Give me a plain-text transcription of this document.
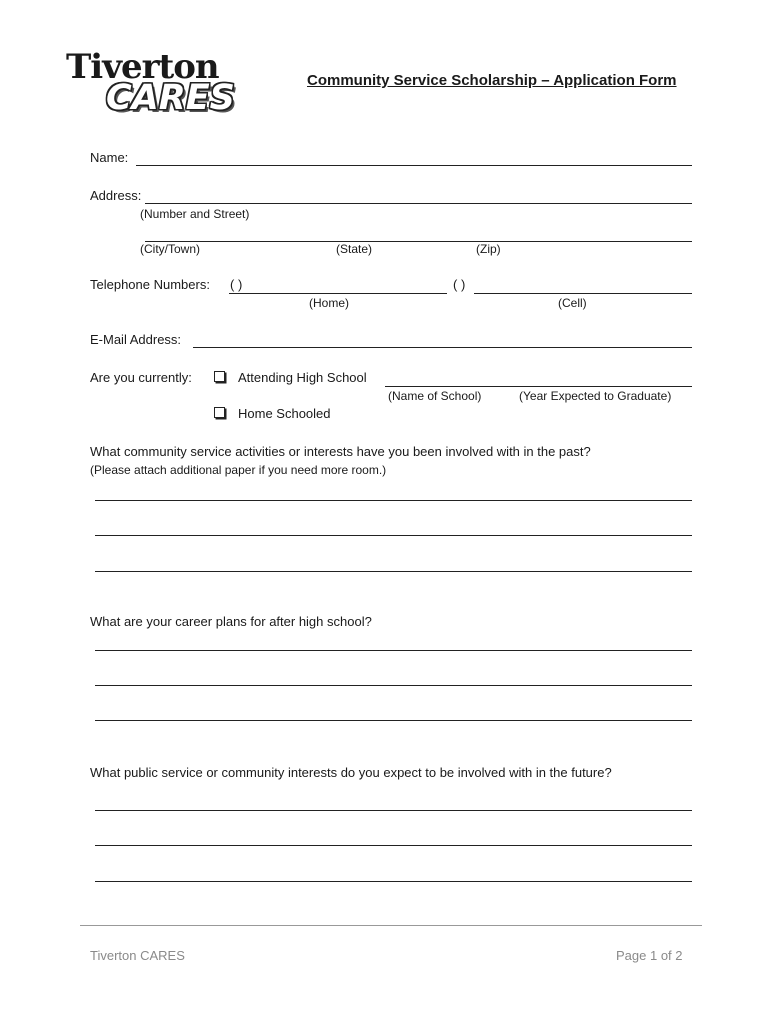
Tiverton
CARES	Community Service Scholarship – Application Form
Name:
Address:
(Number and Street)
(City/Town)	(State)	(Zip)
Telephone Numbers: ( )	( )
(Home)	(Cell)
E-Mail Address:
Are you currently:	Attending High School
(Name of School)	(Year Expected to Graduate)
Home Schooled
What community service activities or interests have you been involved with in the past?
(Please attach additional paper if you need more room.)
What are your career plans for after high school?
What public service or community interests do you expect to be involved with in the future?
Tiverton CARES	Page 1 of 2
